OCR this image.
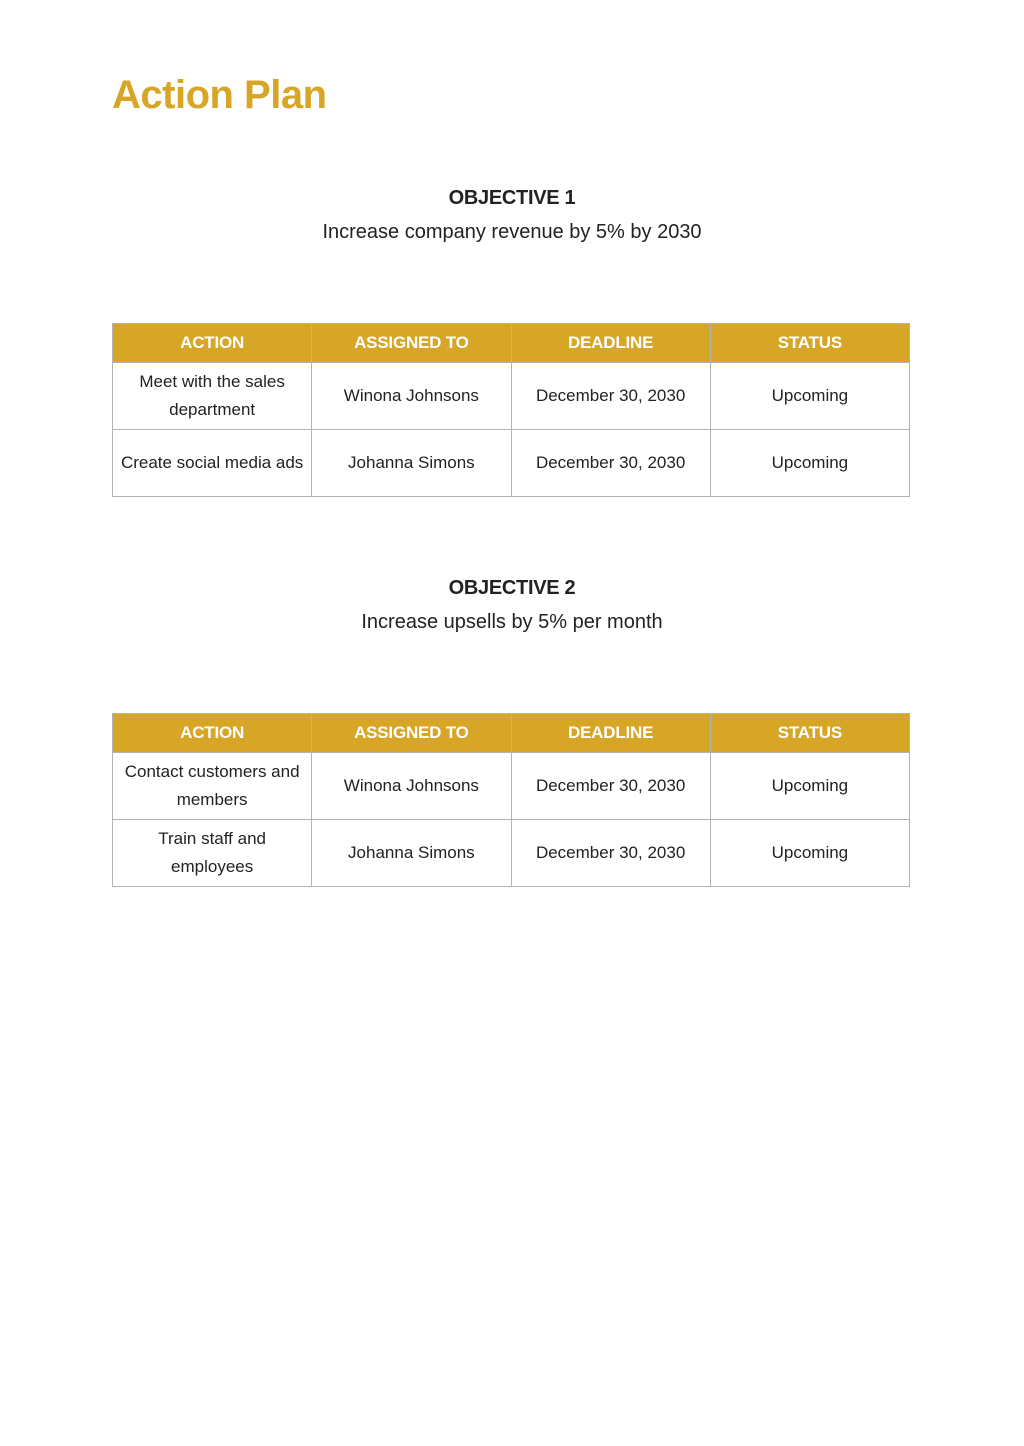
Action Plan
OBJECTIVE 1
Increase company revenue by 5% by 2030
ACTION	ASSIGNED TO	DEADLINE	STATUS
Meet with the sales department	Winona Johnsons	December 30, 2030	Upcoming
Create social media ads	Johanna Simons	December 30, 2030	Upcoming
OBJECTIVE 2
Increase upsells by 5% per month
ACTION	ASSIGNED TO	DEADLINE	STATUS
Contact customers and members	Winona Johnsons	December 30, 2030	Upcoming
Train staff and employees	Johanna Simons	December 30, 2030	Upcoming
